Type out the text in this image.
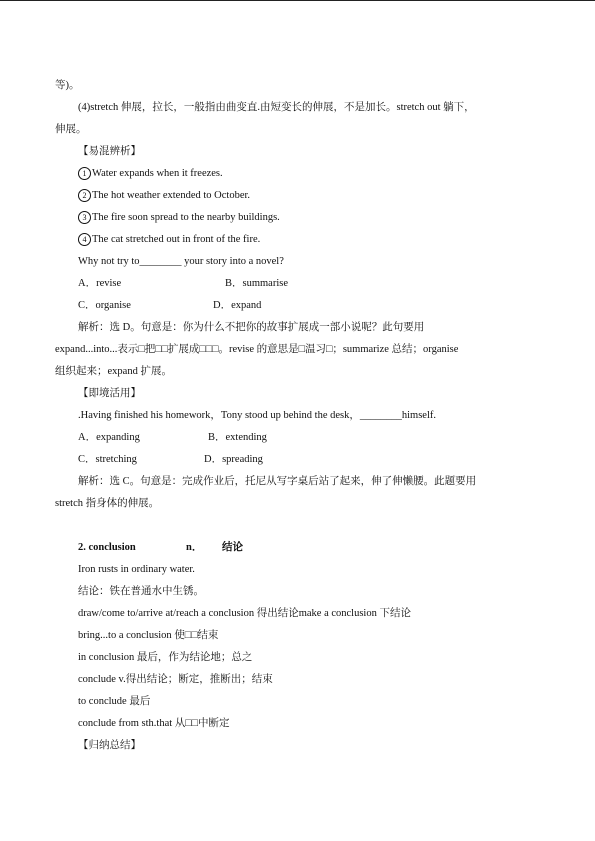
等)。
(4)stretch 伸展，拉长，一般指由曲变直.由短变长的伸展，不是加长。stretch out 躺下，
伸展。
【易混辨析】
1 Water expands when it freezes.
2 The hot weather extended to October.
3 The fire soon spread to the nearby buildings.
4 The cat stretched out in front of the fire.
Why not try to________ your story into a novel?
A．revise	B．summarise
C．organise	D．expand
解析：选 D。句意是：你为什么不把你的故事扩展成一部小说呢？此句要用
expand...into...表示□把□□扩展成□□□。revise 的意思是□温习□；summarize 总结；organise
组织起来；expand 扩展。
【即境活用】
.Having finished his homework，Tony stood up behind the desk，________himself.
A．expanding	B．extending
C．stretching	D．spreading
解析：选 C。句意是：完成作业后，托尼从写字桌后站了起来，伸了伸懒腰。此题要用
stretch 指身体的伸展。
2. conclusion	n． 结论
Iron rusts in ordinary water.
结论：铁在普通水中生锈。
draw/come to/arrive at/reach a conclusion 得出结论make a conclusion 下结论
bring...to a conclusion 使□□结束
in conclusion 最后，作为结论地；总之
conclude v.得出结论；断定，推断出；结束
to conclude 最后
conclude from sth.that 从□□中断定
【归纳总结】
